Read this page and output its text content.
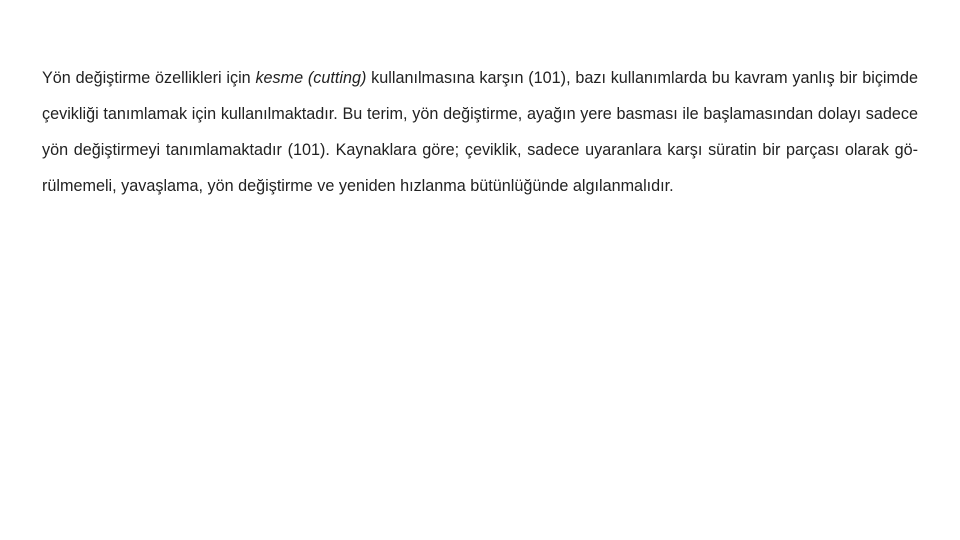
Yön değiştirme özellikleri için kesme (cutting) kullanılmasına karşın (101), bazı kullanımlarda bu kavram yanlış bir biçimde çevikliği tanımlamak için kullanılmaktadır. Bu terim, yön değiştirme, ayağın yere basması ile başlamasından dolayı sadece yön değiştirmeyi tanımlamaktadır (101). Kaynaklara göre; çeviklik, sadece uyaranlara karşı süratin bir parçası olarak gö-rülmemeli, yavaşlama, yön değiştirme ve yeniden hızlanma bütünlüğünde algılanmalıdır.
